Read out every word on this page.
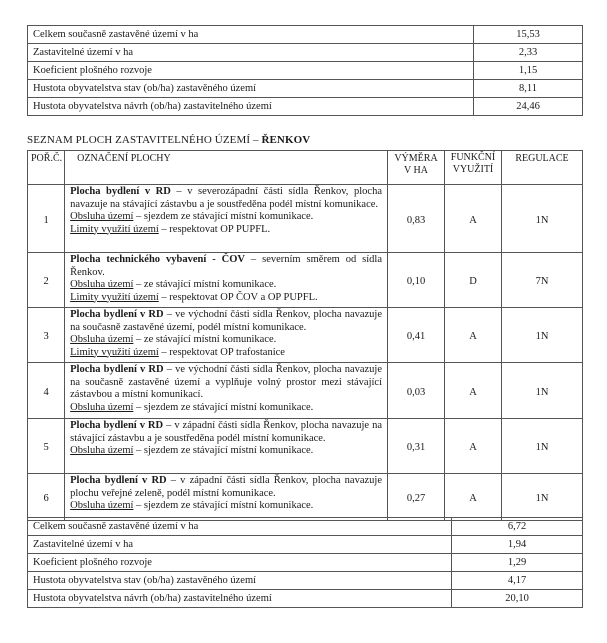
Celkem současně zastavěné území v ha	15,53
Zastavitelné území v ha	2,33
Koeficient plošného rozvoje	1,15
Hustota obyvatelstva stav (ob/ha) zastavěného území	8,11
Hustota obyvatelstva návrh (ob/ha) zastavitelného území	24,46
SEZNAM PLOCH ZASTAVITELNÉHO ÚZEMÍ – ŘENKOV
POŘ.Č.	OZNAČENÍ PLOCHY	VÝMĚRA V HA	FUNKČNÍ VYUŽITÍ	REGULACE
1	Plocha bydlení v RD – v severozápadní části sídla Řenkov, plocha navazuje na stávající zástavbu a je soustředěna podél místní komunikace.
Obsluha území – sjezdem ze stávající místní komunikace.
Limity využití území – respektovat OP PUPFL.	0,83	A	1N
2	Plocha technického vybavení - ČOV – severním směrem od sídla Řenkov.
Obsluha území – ze stávající místní komunikace.
Limity využití území – respektovat OP ČOV a OP PUPFL.	0,10	D	7N
3	Plocha bydlení v RD – ve východní části sídla Řenkov, plocha navazuje na současně zastavěné území, podél místní komunikace.
Obsluha území – ze stávající místní komunikace.
Limity využití území – respektovat OP trafostanice	0,41	A	1N
4	Plocha bydlení v RD – ve východní části sídla Řenkov, plocha navazuje na současně zastavěné území a vyplňuje volný prostor mezi stávající zástavbou a místní komunikací.
Obsluha území – sjezdem ze stávající místní komunikace.	0,03	A	1N
5	Plocha bydlení v RD – v západní části sídla Řenkov, plocha navazuje na stávající zástavbu a je soustředěna podél místní komunikace.
Obsluha území – sjezdem ze stávající místní komunikace.	0,31	A	1N
6	Plocha bydlení v RD – v západní části sídla Řenkov, plocha navazuje plochu veřejné zeleně, podél místní komunikace.
Obsluha území – sjezdem ze stávající místní komunikace.	0,27	A	1N
Celkem současně zastavěné území v ha	6,72
Zastavitelné území v ha	1,94
Koeficient plošného rozvoje	1,29
Hustota obyvatelstva stav (ob/ha) zastavěného území	4,17
Hustota obyvatelstva návrh (ob/ha) zastavitelného území	20,10
